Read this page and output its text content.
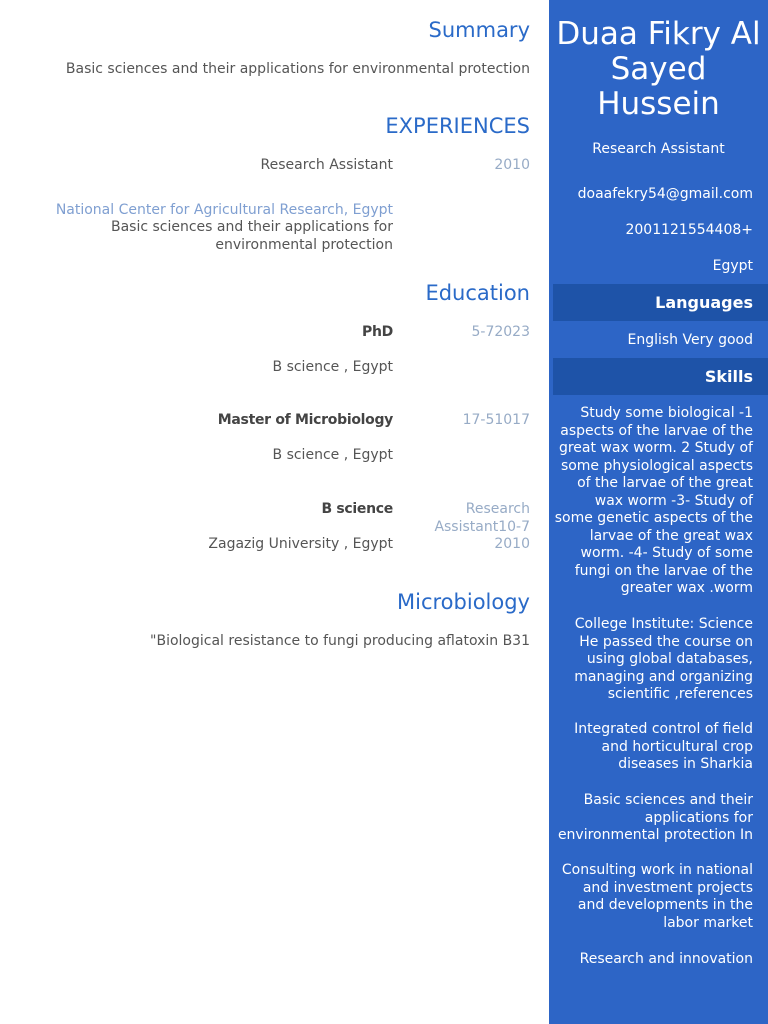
Summary
Basic sciences and their applications for environmental protection
EXPERIENCES
2010
Research Assistant
National Center for Agricultural Research, Egypt
Basic sciences and their applications for environmental protection
Education
5-72023
PhD
B science , Egypt
17-51017
Master of Microbiology
B science , Egypt
Research Assistant10-7 2010
B science
Zagazig University , Egypt
Microbiology
"Biological resistance to fungi producing aflatoxin B31
Duaa Fikry Al Sayed Hussein
Research Assistant
doaafekry54@gmail.com
2001121554408+
Egypt
Languages
English Very good
Skills
Study some biological -1 aspects of the larvae of the great wax worm. 2 Study of some physiological aspects of the larvae of the great wax worm -3- Study of some genetic aspects of the larvae of the great wax worm. -4- Study of some fungi on the larvae of the greater wax .worm
College Institute: Science He passed the course on using global databases, managing and organizing scientific ,references
Integrated control of field and horticultural crop diseases in Sharkia
Basic sciences and their applications for environmental protection In
Consulting work in national and investment projects and developments in the labor market
Research and innovation
